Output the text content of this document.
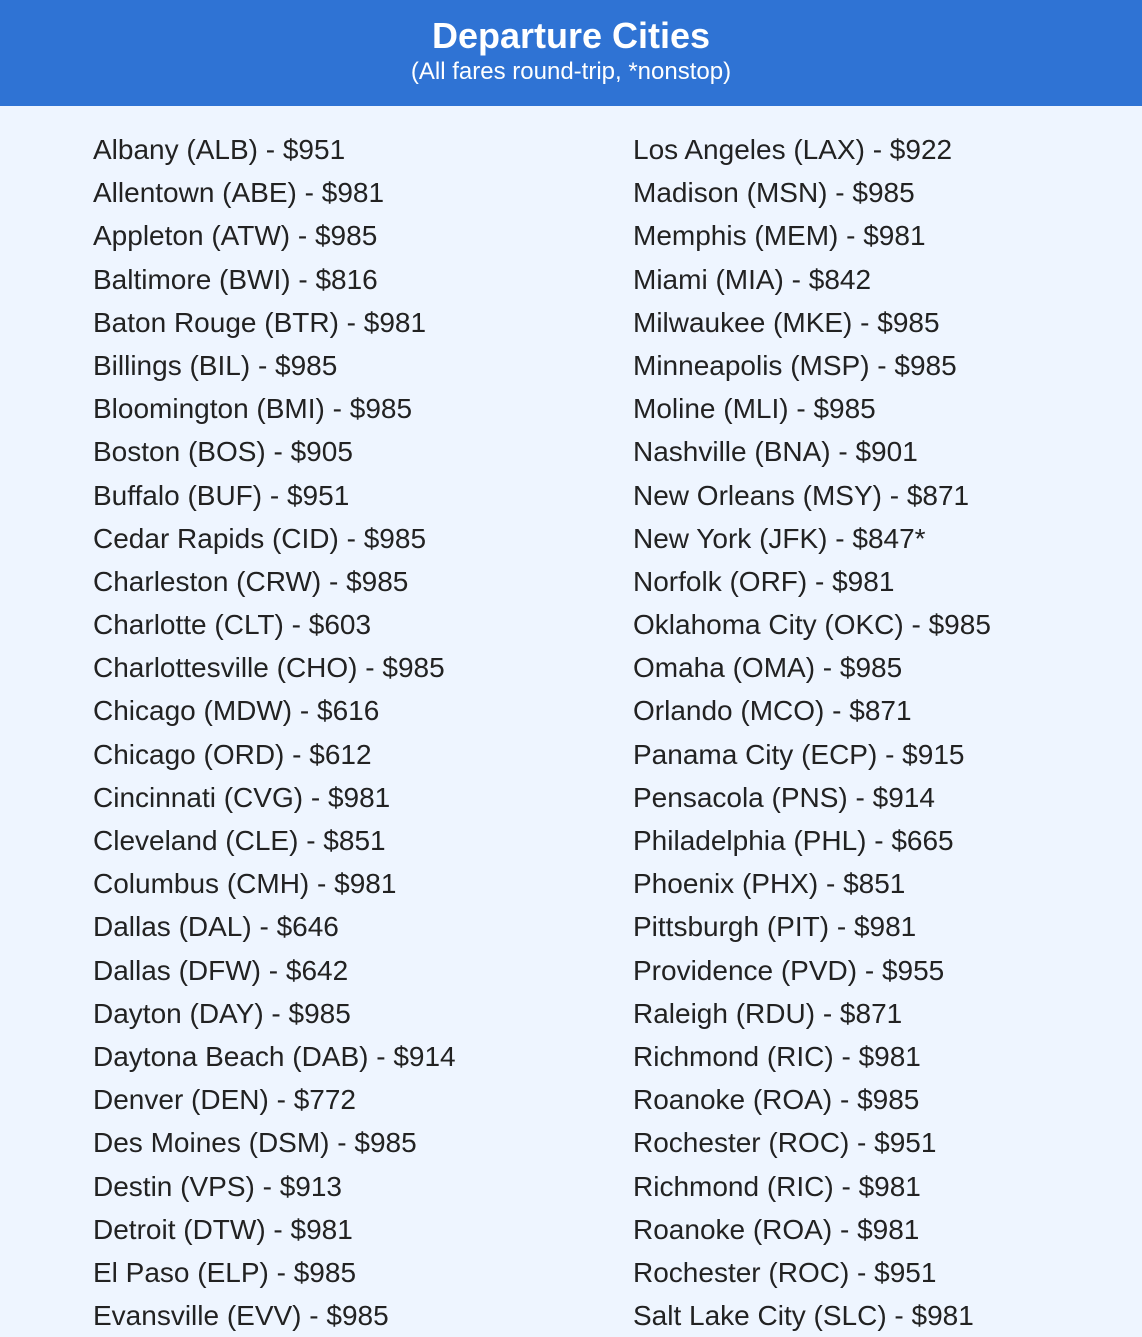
Departure Cities
(All fares round-trip, *nonstop)
Albany (ALB) - $951
Allentown (ABE) - $981
Appleton (ATW) - $985
Baltimore (BWI) - $816
Baton Rouge (BTR) - $981
Billings (BIL) - $985
Bloomington (BMI) - $985
Boston (BOS) - $905
Buffalo (BUF) - $951
Cedar Rapids (CID) - $985
Charleston (CRW) - $985
Charlotte (CLT) - $603
Charlottesville (CHO) - $985
Chicago (MDW) - $616
Chicago (ORD) - $612
Cincinnati (CVG) - $981
Cleveland (CLE) - $851
Columbus (CMH) - $981
Dallas (DAL) - $646
Dallas (DFW) - $642
Dayton (DAY) - $985
Daytona Beach (DAB) - $914
Denver (DEN) - $772
Des Moines (DSM) - $985
Destin (VPS) - $913
Detroit (DTW) - $981
El Paso (ELP) - $985
Evansville (EVV) - $985
Los Angeles (LAX) - $922
Madison (MSN) - $985
Memphis (MEM) - $981
Miami (MIA) - $842
Milwaukee (MKE) - $985
Minneapolis (MSP) - $985
Moline (MLI) - $985
Nashville (BNA) - $901
New Orleans (MSY) - $871
New York (JFK) - $847*
Norfolk (ORF) - $981
Oklahoma City (OKC) - $985
Omaha (OMA) - $985
Orlando (MCO) - $871
Panama City (ECP) - $915
Pensacola (PNS) - $914
Philadelphia (PHL) - $665
Phoenix (PHX) - $851
Pittsburgh (PIT) - $981
Providence (PVD) - $955
Raleigh (RDU) - $871
Richmond (RIC) - $981
Roanoke (ROA) - $985
Rochester (ROC) - $951
Richmond (RIC) - $981
Roanoke (ROA) - $981
Rochester (ROC) - $951
Salt Lake City (SLC) - $981
